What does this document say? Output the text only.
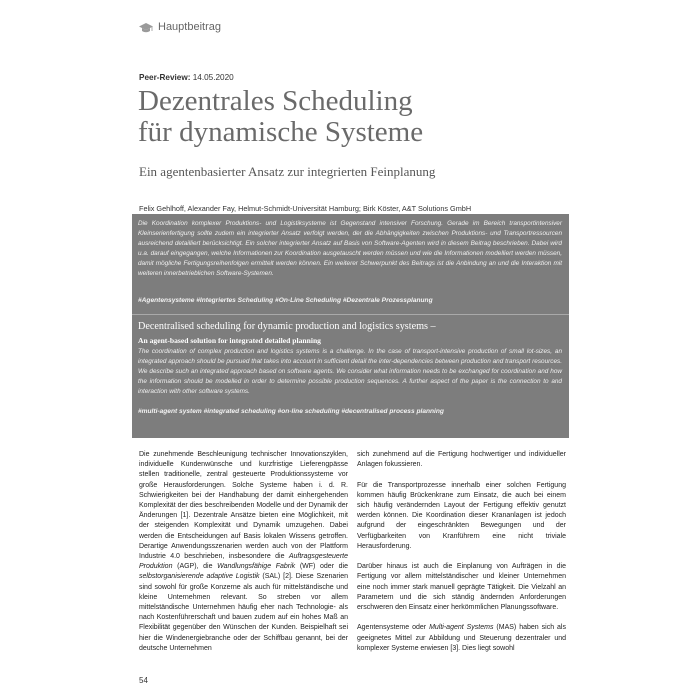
Hauptbeitrag
Peer-Review: 14.05.2020
Dezentrales Scheduling
für dynamische Systeme
Ein agentenbasierter Ansatz zur integrierten Feinplanung
Felix Gehlhoff, Alexander Fay, Helmut-Schmidt-Universität Hamburg; Birk Köster, A&T Solutions GmbH
Die Koordination komplexer Produktions- und Logistiksysteme ist Gegenstand intensiver Forschung. Gerade im Bereich transportintensiver Kleinserienfertigung sollte zudem ein integrierter Ansatz verfolgt werden, der die Abhängigkeiten zwischen Produktions- und Transportressourcen ausreichend detailliert berücksichtigt. Ein solcher integrierter Ansatz auf Basis von Software-Agenten wird in diesem Beitrag beschrieben. Dabei wird u.a. darauf eingegangen, welche Informationen zur Koordination ausgetauscht werden müssen und wie die Informationen modelliert werden müssen, damit mögliche Fertigungsreihenfolgen ermittelt werden können. Ein weiterer Schwerpunkt des Beitrags ist die Anbindung an und die Interaktion mit weiteren innerbetrieblichen Software-Systemen.
#Agentensysteme #Integriertes Scheduling #On-Line Scheduling #Dezentrale Prozessplanung
Decentralised scheduling for dynamic production and logistics systems –
An agent-based solution for integrated detailed planning
The coordination of complex production and logistics systems is a challenge. In the case of transport-intensive production of small lot-sizes, an integrated approach should be pursued that takes into account in sufficient detail the inter-dependencies between production and transport resources. We describe such an integrated approach based on software agents. We consider what information needs to be exchanged for coordination and how the information should be modelled in order to determine possible production sequences. A further aspect of the paper is the connection to and interaction with other software systems.
#multi-agent system #integrated scheduling #on-line scheduling #decentralised process planning

Die zunehmende Beschleunigung technischer Innovationszyklen, individuelle Kundenwünsche und kurzfristige Lieferengpässe stellen traditionelle, zentral gesteuerte Produktionssysteme vor große Herausforderungen. Solche Systeme haben i. d. R. Schwierigkeiten bei der Handhabung der damit einhergehenden Komplexität der dies beschreibenden Modelle und der Dynamik der Änderungen [1]. Dezentrale Ansätze bieten eine Möglichkeit, mit der steigenden Komplexität und Dynamik umzugehen. Dabei werden die Entscheidungen auf Basis lokalen Wissens getroffen. Derartige Anwendungsszenarien werden auch von der Plattform Industrie 4.0 beschrieben, insbesondere die Auftragsgesteuerte Produktion (AGP), die Wandlungsfähige Fabrik (WF) oder die selbstorganisierende adaptive Logistik (SAL) [2]. Diese Szenarien sind sowohl für große Konzerne als auch für mittelständische und kleine Unternehmen relevant. So streben vor allem mittelständische Unternehmen häufig eher nach Technologie- als nach Kostenführerschaft und bauen zudem auf ein hohes Maß an Flexibilität gegenüber den Wünschen der Kunden. Beispielhaft sei hier die Windenergiebranche oder der Schiffbau genannt, bei der deutsche Unternehmen

sich zunehmend auf die Fertigung hochwertiger und individueller Anlagen fokussieren.

Für die Transportprozesse innerhalb einer solchen Fertigung kommen häufig Brückenkrane zum Einsatz, die auch bei einem sich häufig verändernden Layout der Fertigung effektiv genutzt werden können. Die Koordination dieser Krananlagen ist jedoch aufgrund der eingeschränkten Bewegungen und der Verfügbarkeiten von Kranführern eine nicht triviale Herausforderung.

Darüber hinaus ist auch die Einplanung von Aufträgen in die Fertigung vor allem mittelständischer und kleiner Unternehmen eine noch immer stark manuell geprägte Tätigkeit. Die Vielzahl an Parametern und die sich ständig ändernden Anforderungen erschweren den Einsatz einer herkömmlichen Planungssoftware.

Agentensysteme oder Multi-agent Systems (MAS) haben sich als geeignetes Mittel zur Abbildung und Steuerung dezentraler und komplexer Systeme erwiesen [3]. Dies liegt sowohl

54
